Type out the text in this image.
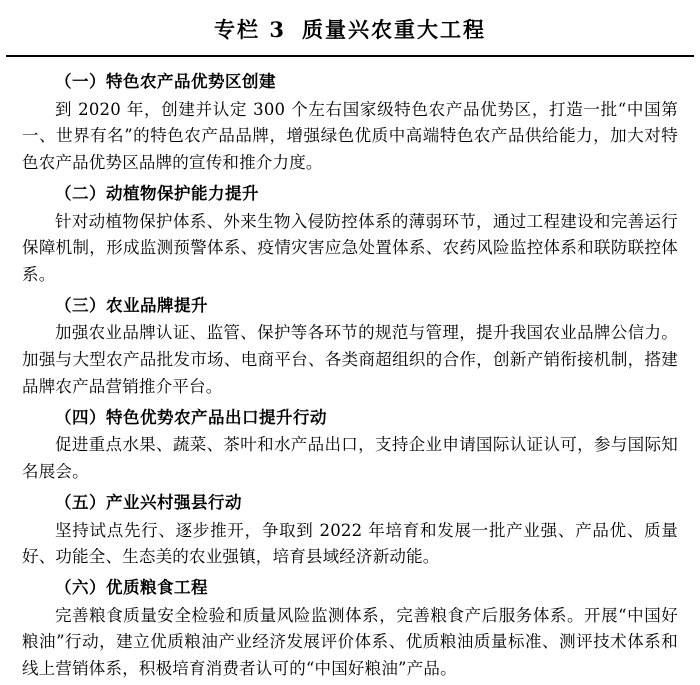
专栏 3 质量兴农重大工程

（一）特色农产品优势区创建

到 2020 年，创建并认定 300 个左右国家级特色农产品优势区，打造一批“中国第一、世界有名”的特色农产品品牌，增强绿色优质中高端特色农产品供给能力，加大对特色农产品优势区品牌的宣传和推介力度。

（二）动植物保护能力提升

针对动植物保护体系、外来生物入侵防控体系的薄弱环节，通过工程建设和完善运行保障机制，形成监测预警体系、疫情灾害应急处置体系、农药风险监控体系和联防联控体系。

（三）农业品牌提升

加强农业品牌认证、监管、保护等各环节的规范与管理，提升我国农业品牌公信力。加强与大型农产品批发市场、电商平台、各类商超组织的合作，创新产销衔接机制，搭建品牌农产品营销推介平台。

（四）特色优势农产品出口提升行动

促进重点水果、蔬菜、茶叶和水产品出口，支持企业申请国际认证认可，参与国际知名展会。

（五）产业兴村强县行动

坚持试点先行、逐步推开，争取到 2022 年培育和发展一批产业强、产品优、质量好、功能全、生态美的农业强镇，培育县域经济新动能。

（六）优质粮食工程

完善粮食质量安全检验和质量风险监测体系，完善粮食产后服务体系。开展“中国好粮油”行动，建立优质粮油产业经济发展评价体系、优质粮油质量标准、测评技术体系和线上营销体系，积极培育消费者认可的“中国好粮油”产品。
